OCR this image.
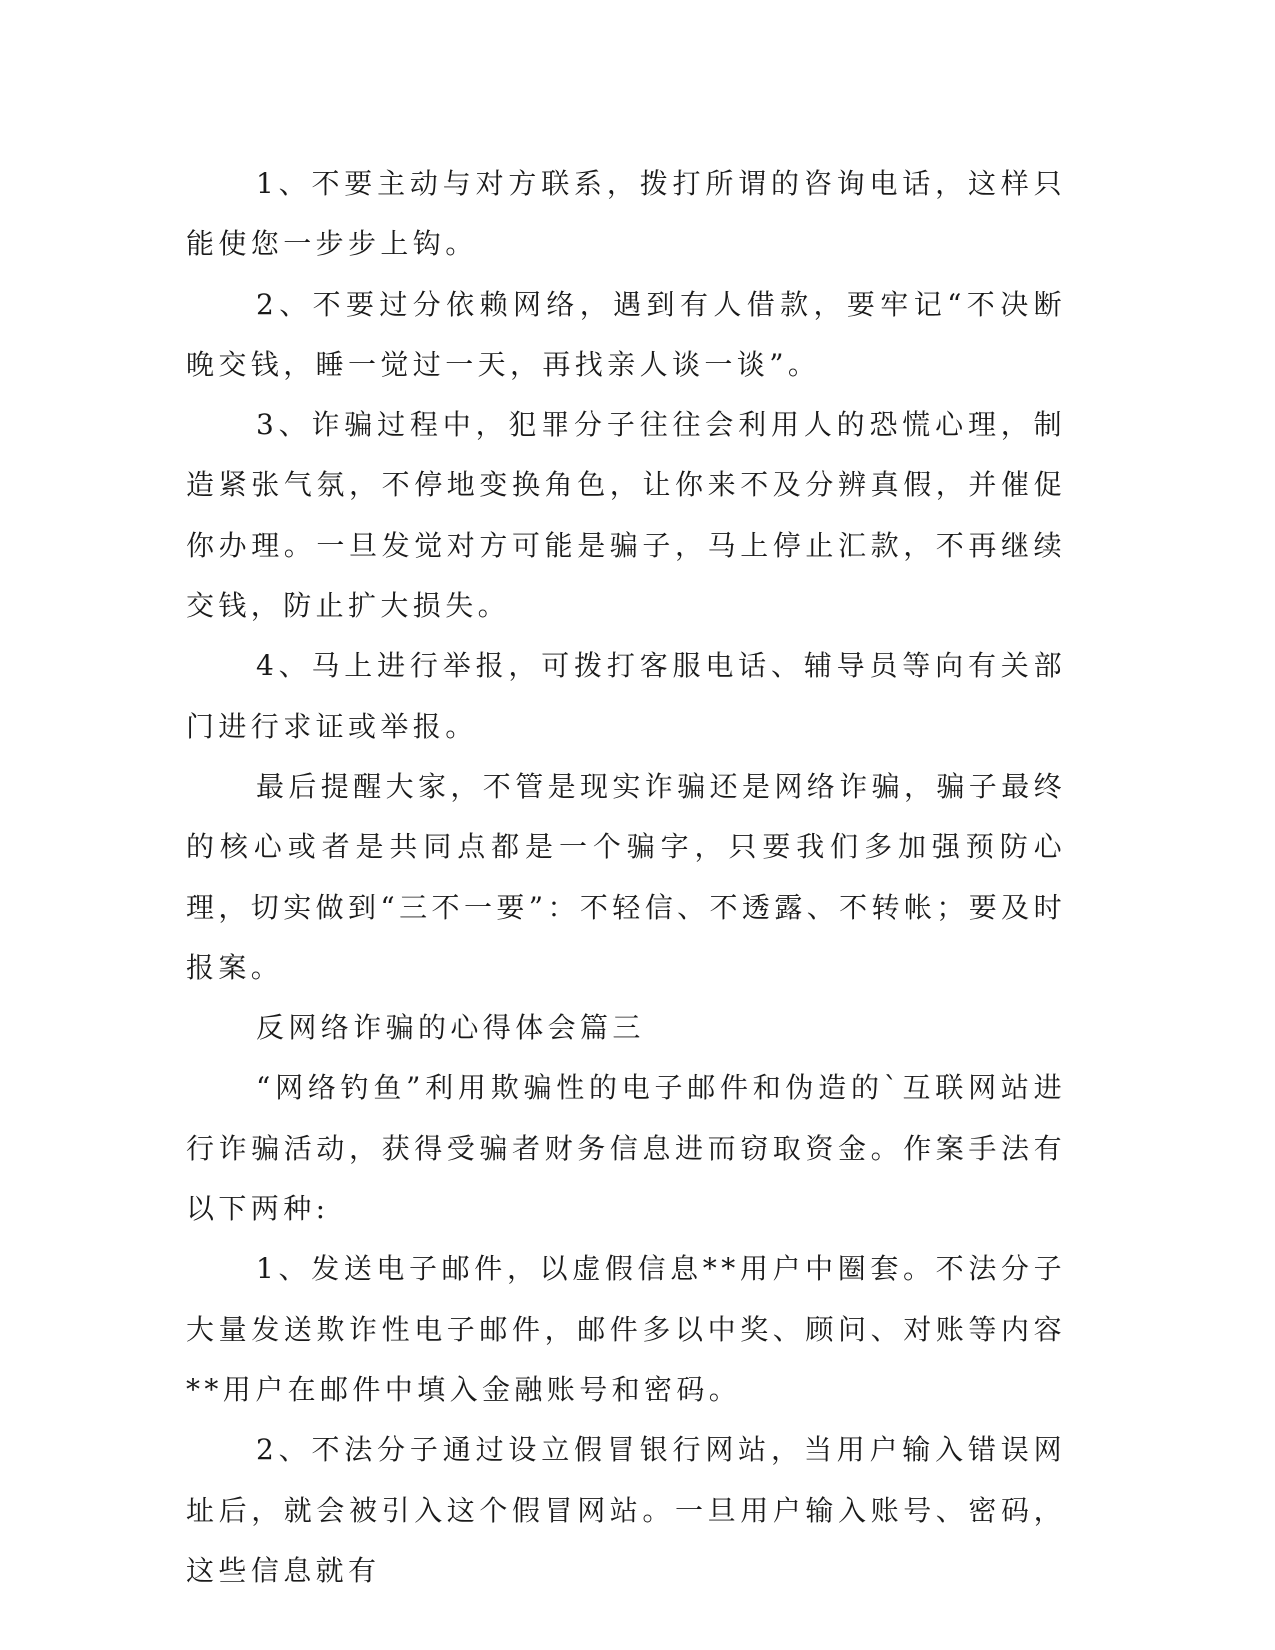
1、不要主动与对方联系，拨打所谓的咨询电话，这样只能使您一步步上钩。

2、不要过分依赖网络，遇到有人借款，要牢记“不决断晚交钱，睡一觉过一天，再找亲人谈一谈”。

3、诈骗过程中，犯罪分子往往会利用人的恐慌心理，制造紧张气氛，不停地变换角色，让你来不及分辨真假，并催促你办理。一旦发觉对方可能是骗子，马上停止汇款，不再继续交钱，防止扩大损失。

4、马上进行举报，可拨打客服电话、辅导员等向有关部门进行求证或举报。

最后提醒大家，不管是现实诈骗还是网络诈骗，骗子最终的核心或者是共同点都是一个骗字，只要我们多加强预防心理，切实做到“三不一要”：不轻信、不透露、不转帐；要及时报案。

反网络诈骗的心得体会篇三

“网络钓鱼”利用欺骗性的电子邮件和伪造的`互联网站进行诈骗活动，获得受骗者财务信息进而窃取资金。作案手法有以下两种:

1、发送电子邮件，以虚假信息**用户中圈套。不法分子大量发送欺诈性电子邮件，邮件多以中奖、顾问、对账等内容**用户在邮件中填入金融账号和密码。

2、不法分子通过设立假冒银行网站，当用户输入错误网址后，就会被引入这个假冒网站。一旦用户输入账号、密码，这些信息就有
